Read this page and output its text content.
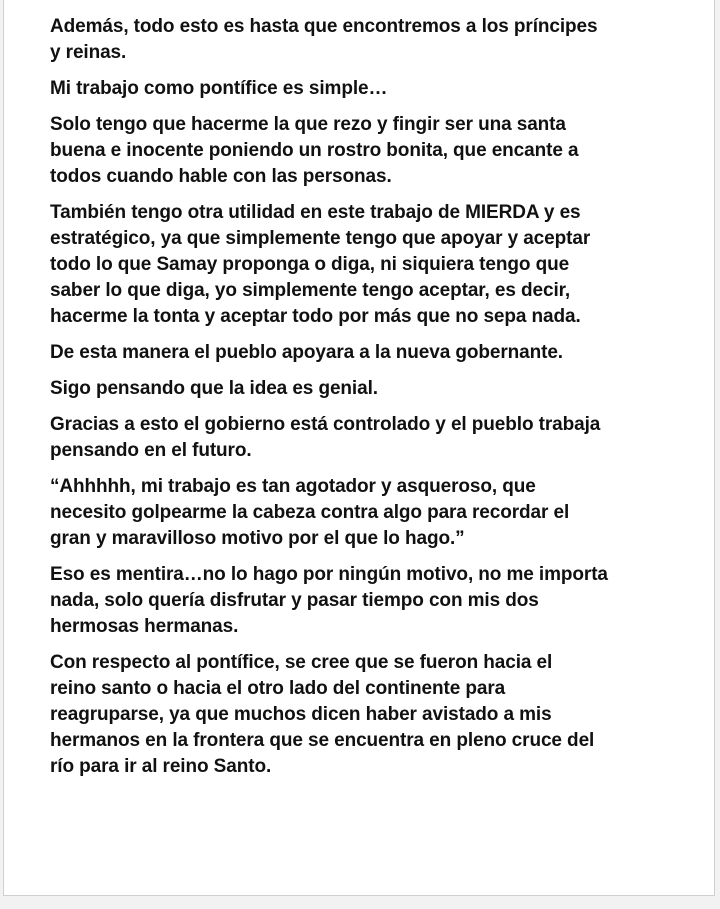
Además, todo esto es hasta que encontremos a los príncipes
y reinas.

Mi trabajo como pontífice es simple…

Solo tengo que hacerme la que rezo y fingir ser una santa
buena e inocente poniendo un rostro bonita, que encante a
todos cuando hable con las personas.

También tengo otra utilidad en este trabajo de MIERDA y es
estratégico, ya que simplemente tengo que apoyar y aceptar
todo lo que Samay proponga o diga, ni siquiera tengo que
saber lo que diga, yo simplemente tengo aceptar, es decir,
hacerme la tonta y aceptar todo por más que no sepa nada.

De esta manera el pueblo apoyara a la nueva gobernante.

Sigo pensando que la idea es genial.

Gracias a esto el gobierno está controlado y el pueblo trabaja
pensando en el futuro.

“Ahhhhh, mi trabajo es tan agotador y asqueroso, que
necesito golpearme la cabeza contra algo para recordar el
gran y maravilloso motivo por el que lo hago.”

Eso es mentira…no lo hago por ningún motivo, no me importa
nada, solo quería disfrutar y pasar tiempo con mis dos
hermosas hermanas.

Con respecto al pontífice, se cree que se fueron hacia el
reino santo o hacia el otro lado del continente para
reagruparse, ya que muchos dicen haber avistado a mis
hermanos en la frontera que se encuentra en pleno cruce del
río para ir al reino Santo.
